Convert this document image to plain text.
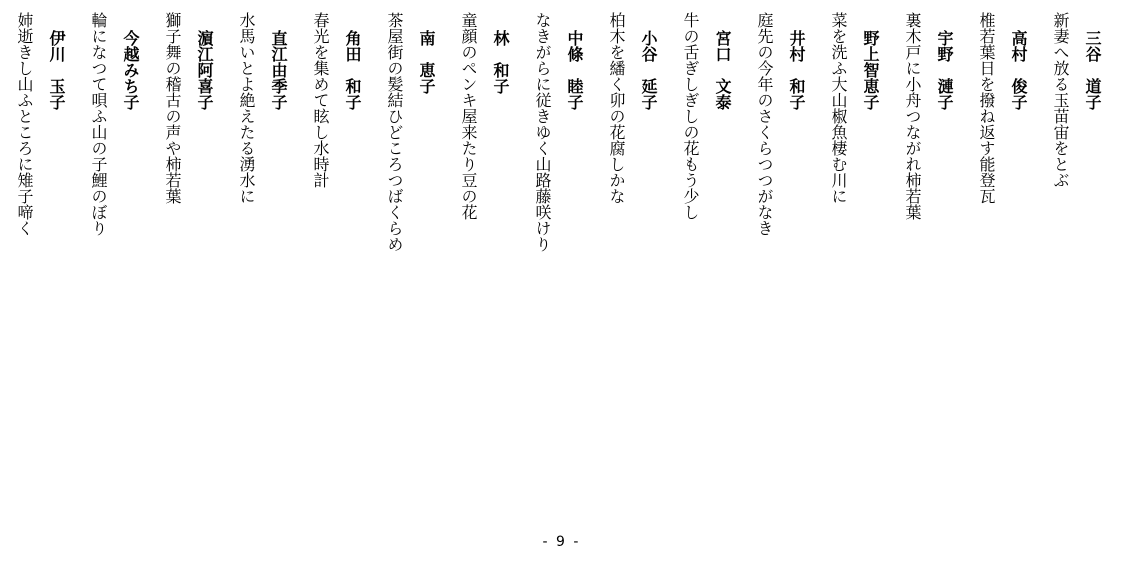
三谷　道子
新妻へ放る玉苗宙をとぶ
高村　俊子
椎若葉日を撥ね返す能登瓦
宇野　漣子
裏木戸に小舟つながれ柿若葉
野上智恵子
菜を洗ふ大山椒魚棲む川に
井村　和子
庭先の今年のさくらつつがなき
宮口　文泰
牛の舌ぎしぎしの花もう少し
小谷　延子
柏木を繙く卯の花腐しかな
中條　睦子
なきがらに従きゆく山路藤咲けり
林　和子
童顔のペンキ屋来たり豆の花
南　恵子
茶屋街の髪結ひどころつばくらめ
角田　和子
春光を集めて眩し水時計
直江由季子
水馬いとよ絶えたる湧水に
濵江阿喜子
獅子舞の稽古の声や柿若葉
今越みち子
輪になつて唄ふ山の子鯉のぼり
伊川　玉子
姉逝きし山ふところに雉子啼く
- 9 -
